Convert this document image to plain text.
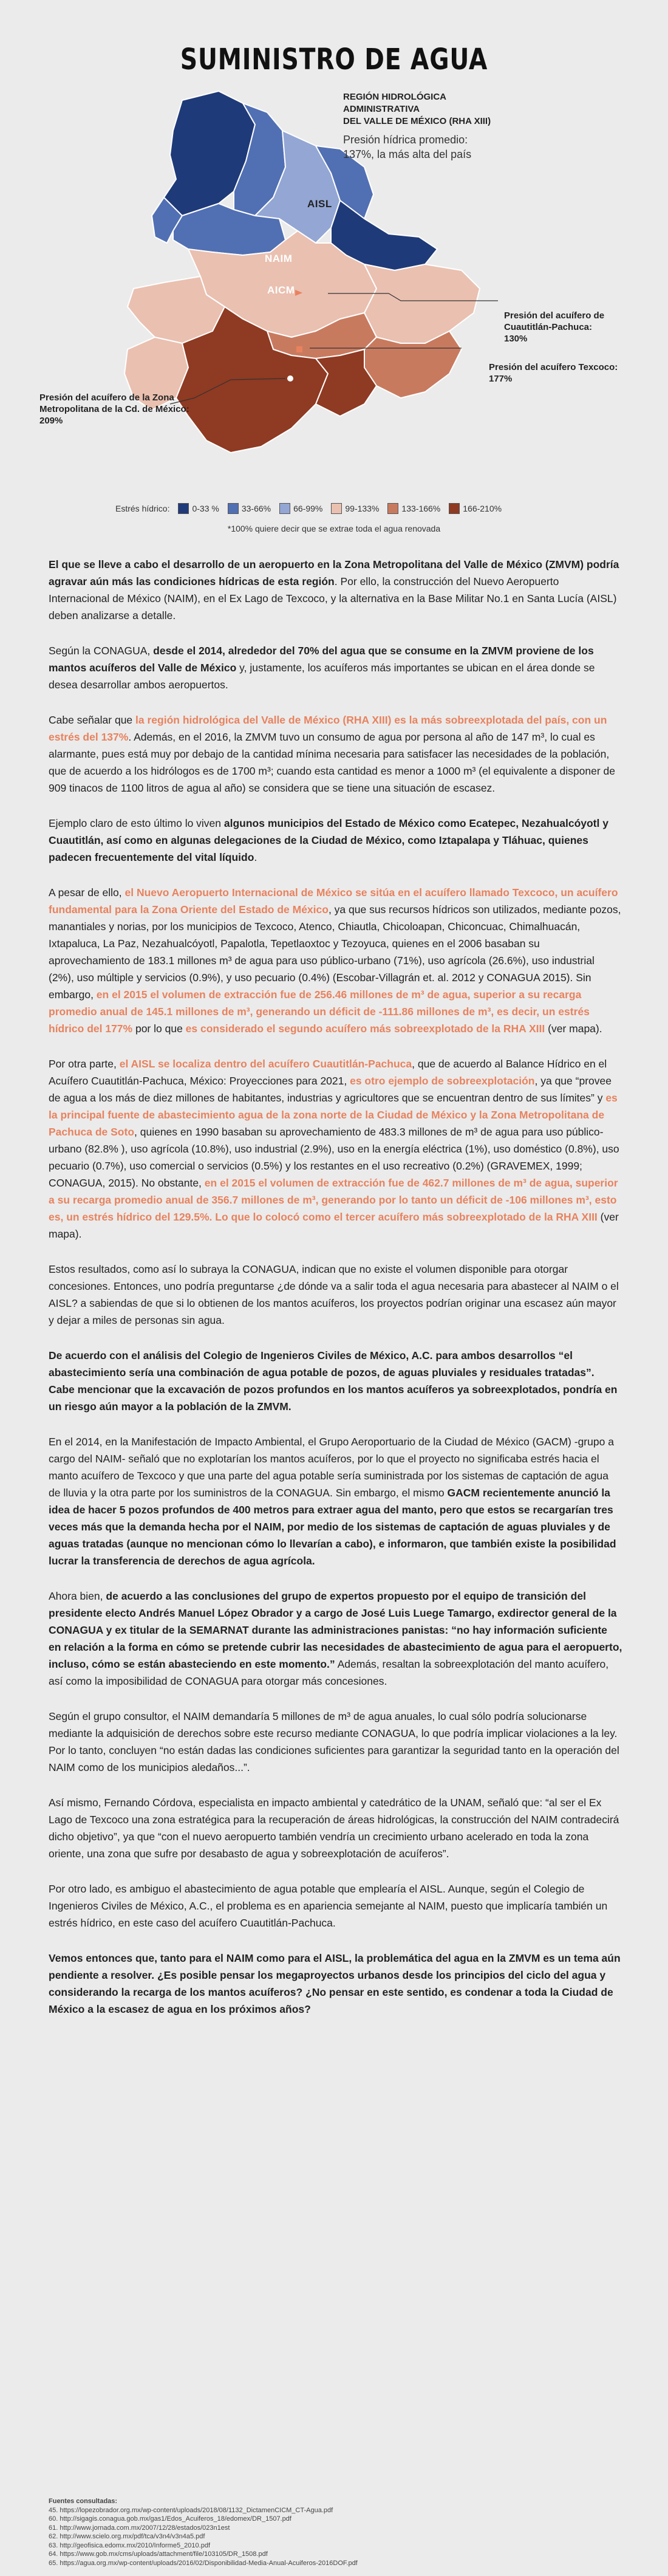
SUMINISTRO DE AGUA
AISL
NAIM
AICM
Presión del acuífero de
Cuautitlán-Pachuca:
130%
Presión del acuífero Texcoco:
177%
Presión del acuífero de la Zona
Metropolitana de la Cd. de México:
209%
REGIÓN HIDROLÓGICA ADMINISTRATIVA
DEL VALLE DE MÉXICO (RHA XIII)
Presión hídrica promedio:
137%, la más alta del país
Estrés hídrico:	0-33 %	33-66%	66-99%	99-133%	133-166%	166-210%
*100% quiere decir que se extrae toda el agua renovada

El que se lleve a cabo el desarrollo de un aeropuerto en la Zona Metropolitana del Valle de México (ZMVM) podría agravar aún más las condiciones hídricas de esta región. Por ello, la construcción del Nuevo Aeropuerto Internacional de México (NAIM), en el Ex Lago de Texcoco, y la alternativa en la Base Militar No.1 en Santa Lucía (AISL) deben analizarse a detalle.

Según la CONAGUA, desde el 2014, alrededor del 70% del agua que se consume en la ZMVM proviene de los mantos acuíferos del Valle de México y, justamente, los acuíferos más importantes se ubican en el área donde se desea desarrollar ambos aeropuertos.

Cabe señalar que la región hidrológica del Valle de México (RHA XIII) es la más sobreexplotada del país, con un estrés del 137%. Además, en el 2016, la ZMVM tuvo un consumo de agua por persona al año de 147 m³, lo cual es alarmante, pues está muy por debajo de la cantidad mínima necesaria para satisfacer las necesidades de la población, que de acuerdo a los hidrólogos es de 1700 m³; cuando esta cantidad es menor a 1000 m³ (el equivalente a disponer de 909 tinacos de 1100 litros de agua al año) se considera que se tiene una situación de escasez.

Ejemplo claro de esto último lo viven algunos municipios del Estado de México como Ecatepec, Nezahualcóyotl y Cuautitlán, así como en algunas delegaciones de la Ciudad de México, como Iztapalapa y Tláhuac, quienes padecen frecuentemente del vital líquido.

A pesar de ello, el Nuevo Aeropuerto Internacional de México se sitúa en el acuífero llamado Texcoco, un acuífero fundamental para la Zona Oriente del Estado de México, ya que sus recursos hídricos son utilizados, mediante pozos, manantiales y norias, por los municipios de Texcoco, Atenco, Chiautla, Chicoloapan, Chiconcuac, Chimalhuacán, Ixtapaluca, La Paz, Nezahualcóyotl, Papalotla, Tepetlaoxtoc y Tezoyuca, quienes en el 2006 basaban su aprovechamiento de 183.1 millones m³ de agua para uso público-urbano (71%), uso agrícola (26.6%), uso industrial (2%), uso múltiple y servicios (0.9%), y uso pecuario (0.4%) (Escobar-Villagrán et. al. 2012 y CONAGUA 2015). Sin embargo, en el 2015 el volumen de extracción fue de 256.46 millones de m³ de agua, superior a su recarga promedio anual de 145.1 millones de m³, generando un déficit de -111.86 millones de m³, es decir, un estrés hídrico del 177% por lo que es considerado el segundo acuífero más sobreexplotado de la RHA XIII (ver mapa).

Por otra parte, el AISL se localiza dentro del acuífero Cuautitlán-Pachuca, que de acuerdo al Balance Hídrico en el Acuífero Cuautitlán-Pachuca, México: Proyecciones para 2021, es otro ejemplo de sobreexplotación, ya que “provee de agua a los más de diez millones de habitantes, industrias y agricultores que se encuentran dentro de sus límites” y es la principal fuente de abastecimiento agua de la zona norte de la Ciudad de México y la Zona Metropolitana de Pachuca de Soto, quienes en 1990 basaban su aprovechamiento de 483.3 millones de m³ de agua para uso público-urbano (82.8% ), uso agrícola (10.8%), uso industrial (2.9%), uso en la energía eléctrica (1%), uso doméstico (0.8%), uso pecuario (0.7%), uso comercial o servicios (0.5%) y los restantes en el uso recreativo (0.2%) (GRAVEMEX, 1999; CONAGUA, 2015). No obstante, en el 2015 el volumen de extracción fue de 462.7 millones de m³ de agua, superior a su recarga promedio anual de 356.7 millones de m³, generando por lo tanto un déficit de -106 millones m³, esto es, un estrés hídrico del 129.5%. Lo que lo colocó como el tercer acuífero más sobreexplotado de la RHA XIII (ver mapa).

Estos resultados, como así lo subraya la CONAGUA, indican que no existe el volumen disponible para otorgar concesiones. Entonces, uno podría preguntarse ¿de dónde va a salir toda el agua necesaria para abastecer al NAIM o el AISL? a sabiendas de que si lo obtienen de los mantos acuíferos, los proyectos podrían originar una escasez aún mayor y dejar a miles de personas sin agua.

De acuerdo con el análisis del Colegio de Ingenieros Civiles de México, A.C. para ambos desarrollos “el abastecimiento sería una combinación de agua potable de pozos, de aguas pluviales y residuales tratadas”. Cabe mencionar que la excavación de pozos profundos en los mantos acuíferos ya sobreexplotados, pondría en un riesgo aún mayor a la población de la ZMVM.

En el 2014, en la Manifestación de Impacto Ambiental, el Grupo Aeroportuario de la Ciudad de México (GACM) -grupo a cargo del NAIM- señaló que no explotarían los mantos acuíferos, por lo que el proyecto no significaba estrés hacia el manto acuífero de Texcoco y que una parte del agua potable sería suministrada por los sistemas de captación de agua de lluvia y la otra parte por los suministros de la CONAGUA. Sin embargo, el mismo GACM recientemente anunció la idea de hacer 5 pozos profundos de 400 metros para extraer agua del manto, pero que estos se recargarían tres veces más que la demanda hecha por el NAIM, por medio de los sistemas de captación de aguas pluviales y de aguas tratadas (aunque no mencionan cómo lo llevarían a cabo), e informaron, que también existe la posibilidad lucrar la transferencia de derechos de agua agrícola.

Ahora bien, de acuerdo a las conclusiones del grupo de expertos propuesto por el equipo de transición del presidente electo Andrés Manuel López Obrador y a cargo de José Luis Luege Tamargo, exdirector general de la CONAGUA y ex titular de la SEMARNAT durante las administraciones panistas: “no hay información suficiente en relación a la forma en cómo se pretende cubrir las necesidades de abastecimiento de agua para el aeropuerto, incluso, cómo se están abasteciendo en este momento.” Además, resaltan la sobreexplotación del manto acuífero, así como la imposibilidad de CONAGUA para otorgar más concesiones.

Según el grupo consultor, el NAIM demandaría 5 millones de m³ de agua anuales, lo cual sólo podría solucionarse mediante la adquisición de derechos sobre este recurso mediante CONAGUA, lo que podría implicar violaciones a la ley. Por lo tanto, concluyen “no están dadas las condiciones suficientes para garantizar la seguridad tanto en la operación del NAIM como de los municipios aledaños...”.

Así mismo, Fernando Córdova, especialista en impacto ambiental y catedrático de la UNAM, señaló que: “al ser el Ex Lago de Texcoco una zona estratégica para la recuperación de áreas hidrológicas, la construcción del NAIM contradecirá dicho objetivo”, ya que “con el nuevo aeropuerto también vendría un crecimiento urbano acelerado en toda la zona oriente, una zona que sufre por desabasto de agua y sobreexplotación de acuíferos”.

Por otro lado, es ambiguo el abastecimiento de agua potable que emplearía el AISL. Aunque, según el Colegio de Ingenieros Civiles de México, A.C., el problema es en apariencia semejante al NAIM, puesto que implicaría también un estrés hídrico, en este caso del acuífero Cuautitlán-Pachuca.

Vemos entonces que, tanto para el NAIM como para el AISL, la problemática del agua en la ZMVM es un tema aún pendiente a resolver. ¿Es posible pensar los megaproyectos urbanos desde los principios del ciclo del agua y considerando la recarga de los mantos acuíferos? ¿No pensar en este sentido, es condenar a toda la Ciudad de México a la escasez de agua en los próximos años?

Fuentes consultadas:
45. https://lopezobrador.org.mx/wp-content/uploads/2018/08/1132_DictamenCICM_CT-Agua.pdf
60. http://sigagis.conagua.gob.mx/gas1/Edos_Acuiferos_18/edomex/DR_1507.pdf
61. http://www.jornada.com.mx/2007/12/28/estados/023n1est
62. http://www.scielo.org.mx/pdf/tca/v3n4/v3n4a5.pdf
63. http://geofisica.edomx.mx/2010/Informe5_2010.pdf
64. https://www.gob.mx/cms/uploads/attachment/file/103105/DR_1508.pdf
65. https://agua.org.mx/wp-content/uploads/2016/02/Disponibilidad-Media-Anual-Acuiferos-2016DOF.pdf
